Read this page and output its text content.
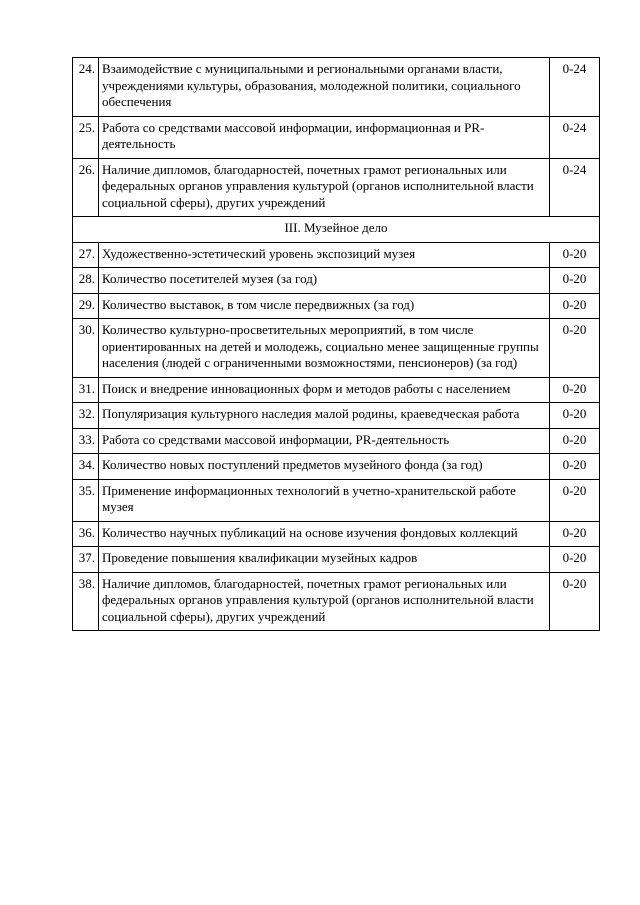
24.	Взаимодействие с муниципальными и региональными органами власти, учреждениями культуры, образования, молодежной политики, социального обеспечения	0-24
25.	Работа со средствами массовой информации, информационная и PR-деятельность	0-24
26.	Наличие дипломов, благодарностей, почетных грамот региональных или федеральных органов управления культурой (органов исполнительной власти социальной сферы), других учреждений	0-24
III. Музейное дело		
27.	Художественно-эстетический уровень экспозиций музея	0-20
28.	Количество посетителей музея (за год)	0-20
29.	Количество выставок, в том числе передвижных (за год)	0-20
30.	Количество культурно-просветительных мероприятий, в том числе ориентированных на детей и молодежь, социально менее защищенные группы населения (людей с ограниченными возможностями, пенсионеров) (за год)	0-20
31.	Поиск и внедрение инновационных форм и методов работы с населением	0-20
32.	Популяризация культурного наследия малой родины, краеведческая работа	0-20
33.	Работа со средствами массовой информации, PR-деятельность	0-20
34.	Количество новых поступлений предметов музейного фонда (за год)	0-20
35.	Применение информационных технологий в учетно-хранительской работе музея	0-20
36.	Количество научных публикаций на основе изучения фондовых коллекций	0-20
37.	Проведение повышения квалификации музейных кадров	0-20
38.	Наличие дипломов, благодарностей, почетных грамот региональных или федеральных органов управления культурой (органов исполнительной власти социальной сферы), других учреждений	0-20
